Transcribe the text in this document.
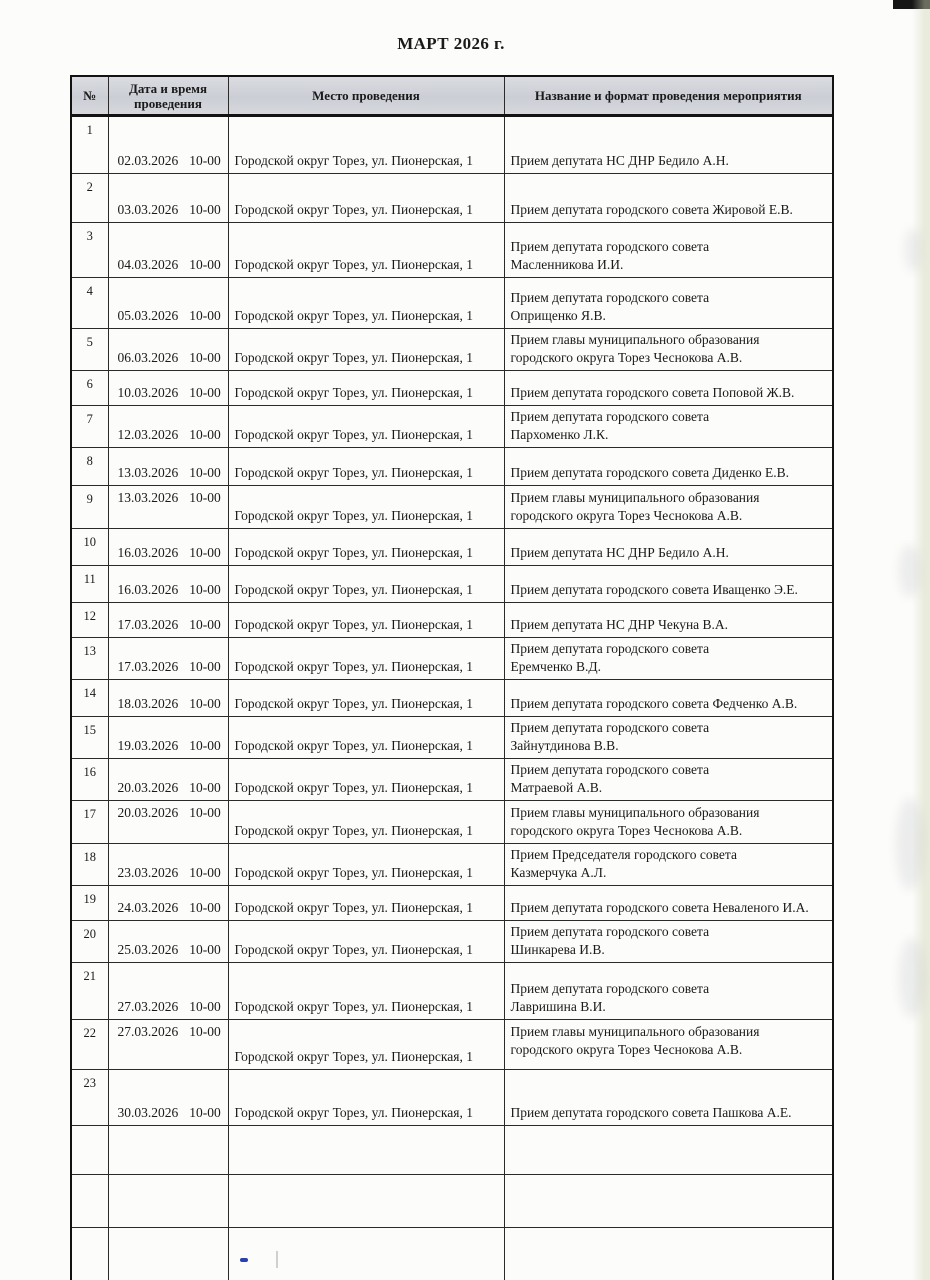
МАРТ 2026 г.
№	Дата и время проведения	Место проведения	Название и формат проведения мероприятия
1	02.03.2026 10-00	Городской округ Торез, ул. Пионерская, 1	Прием депутата НС ДНР Бедило А.Н.

2	03.03.2026 10-00	Городской округ Торез, ул. Пионерская, 1	Прием депутата городского совета Жировой Е.В.

3	04.03.2026 10-00	Городской округ Торез, ул. Пионерская, 1	Прием депутата городского совета
Масленникова И.И.

4	05.03.2026 10-00	Городской округ Торез, ул. Пионерская, 1	Прием депутата городского совета
Оприщенко Я.В.

5	06.03.2026 10-00	Городской округ Торез, ул. Пионерская, 1	Прием главы муниципального образования
городского округа Торез Чеснокова А.В.

6	10.03.2026 10-00	Городской округ Торез, ул. Пионерская, 1	Прием депутата городского совета Поповой Ж.В.

7	12.03.2026 10-00	Городской округ Торез, ул. Пионерская, 1	Прием депутата городского совета
Пархоменко Л.К.

8	13.03.2026 10-00	Городской округ Торез, ул. Пионерская, 1	Прием депутата городского совета Диденко Е.В.

9	13.03.2026 10-00	Городской округ Торез, ул. Пионерская, 1	Прием главы муниципального образования
городского округа Торез Чеснокова А.В.

10	16.03.2026 10-00	Городской округ Торез, ул. Пионерская, 1	Прием депутата НС ДНР Бедило А.Н.

11	16.03.2026 10-00	Городской округ Торез, ул. Пионерская, 1	Прием депутата городского совета Иващенко Э.Е.

12	17.03.2026 10-00	Городской округ Торез, ул. Пионерская, 1	Прием депутата НС ДНР Чекуна В.А.

13	17.03.2026 10-00	Городской округ Торез, ул. Пионерская, 1	Прием депутата городского совета
Еремченко В.Д.

14	18.03.2026 10-00	Городской округ Торез, ул. Пионерская, 1	Прием депутата городского совета Федченко А.В.

15	19.03.2026 10-00	Городской округ Торез, ул. Пионерская, 1	Прием депутата городского совета
Зайнутдинова В.В.

16	20.03.2026 10-00	Городской округ Торез, ул. Пионерская, 1	Прием депутата городского совета
Матраевой А.В.

17	20.03.2026 10-00	Городской округ Торез, ул. Пионерская, 1	Прием главы муниципального образования
городского округа Торез Чеснокова А.В.

18	23.03.2026 10-00	Городской округ Торез, ул. Пионерская, 1	Прием Председателя городского совета
Казмерчука А.Л.

19	24.03.2026 10-00	Городской округ Торез, ул. Пионерская, 1	Прием депутата городского совета Неваленого И.А.

20	25.03.2026 10-00	Городской округ Торез, ул. Пионерская, 1	Прием депутата городского совета
Шинкарева И.В.

21	27.03.2026 10-00	Городской округ Торез, ул. Пионерская, 1	Прием депутата городского совета
Лавришина В.И.

22	27.03.2026 10-00	Городской округ Торез, ул. Пионерская, 1	Прием главы муниципального образования
городского округа Торез Чеснокова А.В.

23	30.03.2026 10-00	Городской округ Торез, ул. Пионерская, 1	Прием депутата городского совета Пашкова А.Е.
